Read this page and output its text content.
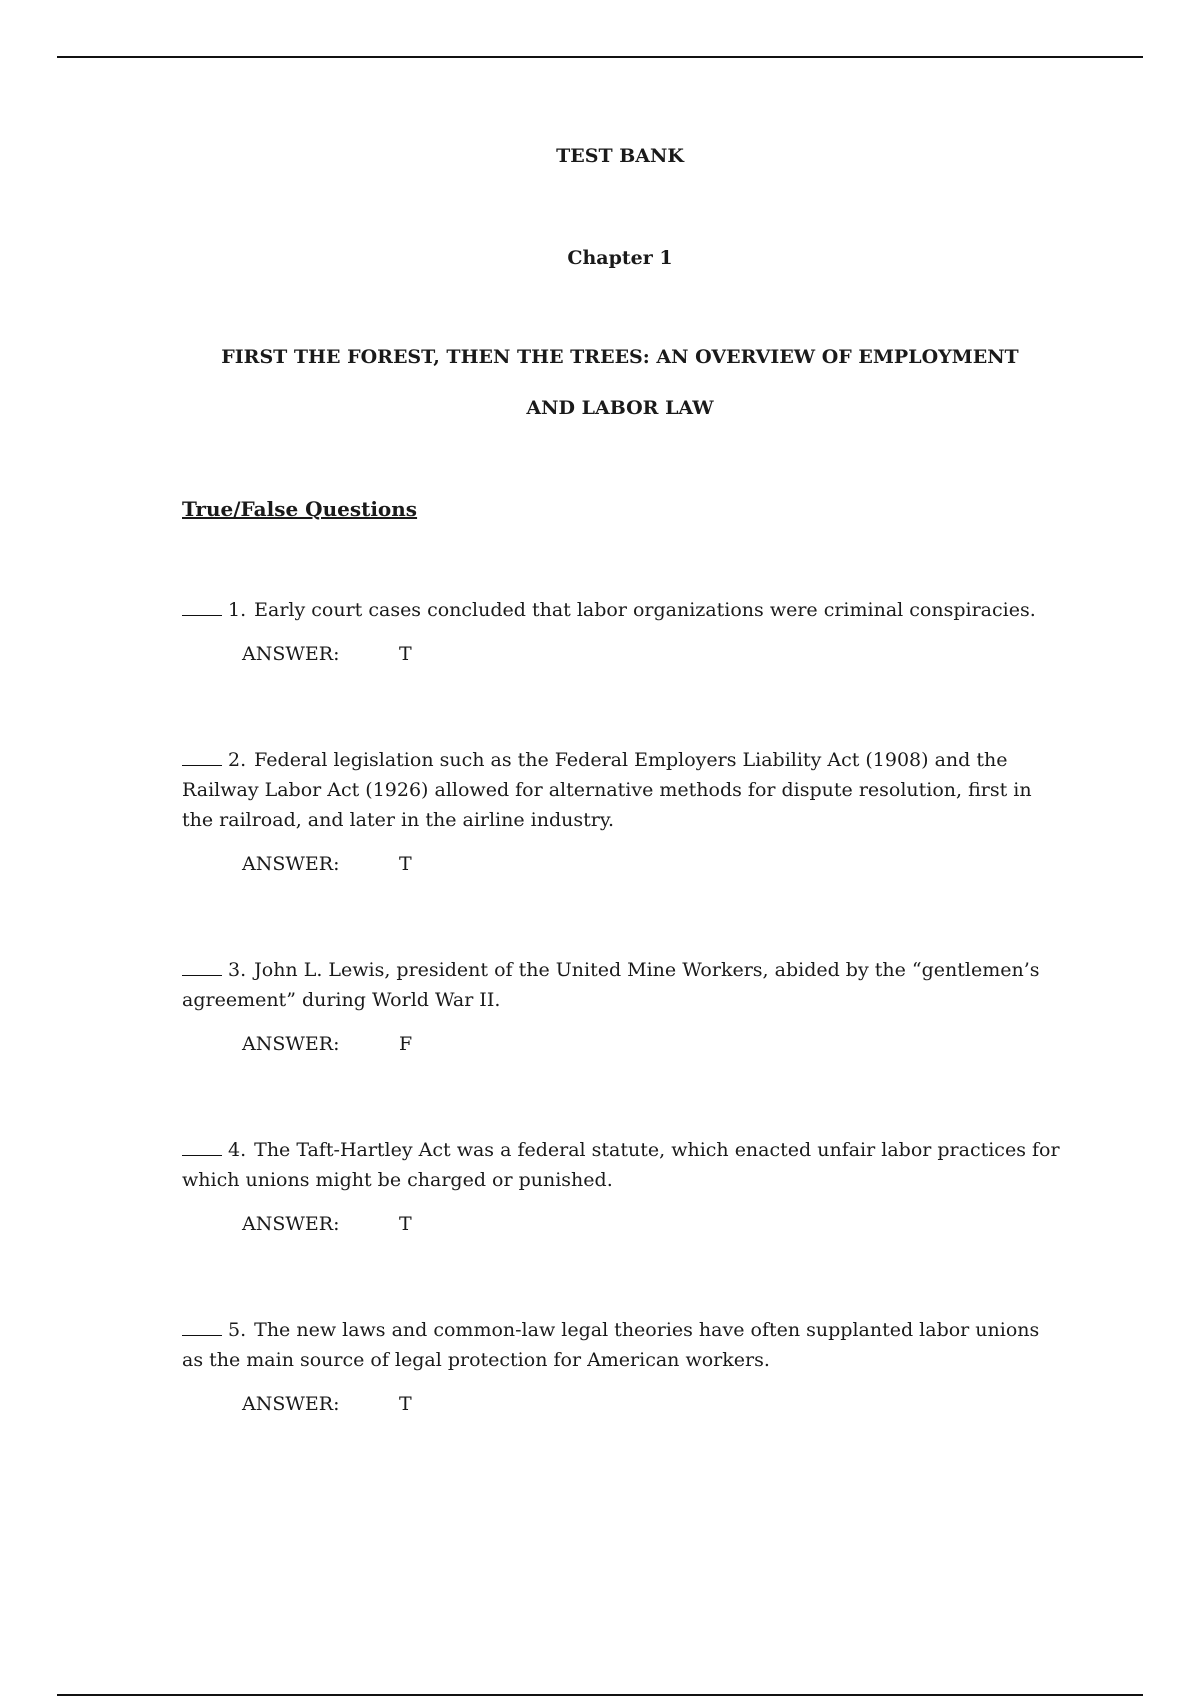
TEST BANK
Chapter 1
FIRST THE FOREST, THEN THE TREES: AN OVERVIEW OF EMPLOYMENT
AND LABOR LAW
True/False Questions

1. Early court cases concluded that labor organizations were criminal conspiracies.

ANSWER:	T

2. Federal legislation such as the Federal Employers Liability Act (1908) and the Railway Labor Act (1926) allowed for alternative methods for dispute resolution, first in the railroad, and later in the airline industry.

ANSWER:	T

3. John L. Lewis, president of the United Mine Workers, abided by the “gentlemen’s agreement” during World War II.

ANSWER:	F

4. The Taft-Hartley Act was a federal statute, which enacted unfair labor practices for which unions might be charged or punished.

ANSWER:	T

5. The new laws and common-law legal theories have often supplanted labor unions as the main source of legal protection for American workers.

ANSWER:	T
